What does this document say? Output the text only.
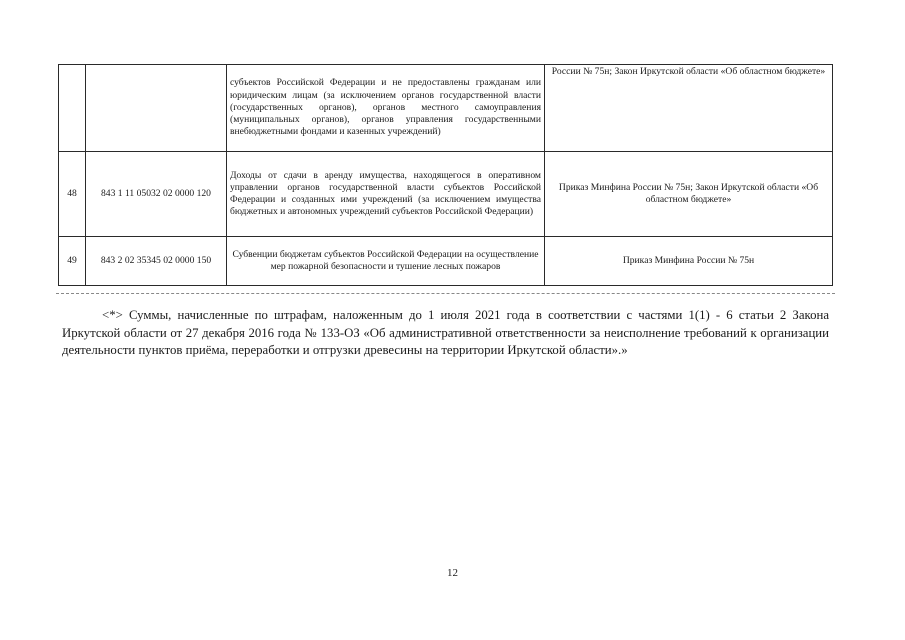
		субъектов Российской Федерации и не предоставлены гражданам или юридическим лицам (за исключением органов государственной власти (государственных органов), органов местного самоуправления (муниципальных органов), органов управления государственными внебюджетными фондами и казенных учреждений)	России № 75н; Закон Иркутской области «Об областном бюджете»
48	843 1 11 05032 02 0000 120	Доходы от сдачи в аренду имущества, находящегося в оперативном управлении органов государственной власти субъектов Российской Федерации и созданных ими учреждений (за исключением имущества бюджетных и автономных учреждений субъектов Российской Федерации)	Приказ Минфина России № 75н; Закон Иркутской области «Об областном бюджете»
49	843 2 02 35345 02 0000 150	Субвенции бюджетам субъектов Российской Федерации на осуществление мер пожарной безопасности и тушение лесных пожаров	Приказ Минфина России № 75н

<*> Суммы, начисленные по штрафам, наложенным до 1 июля 2021 года в соответствии с частями 1(1) - 6 статьи 2 Закона Иркутской области от 27 декабря 2016 года № 133-ОЗ «Об административной ответственности за неисполнение требований к организации деятельности пунктов приёма, переработки и отгрузки древесины на территории Иркутской области».»

12
